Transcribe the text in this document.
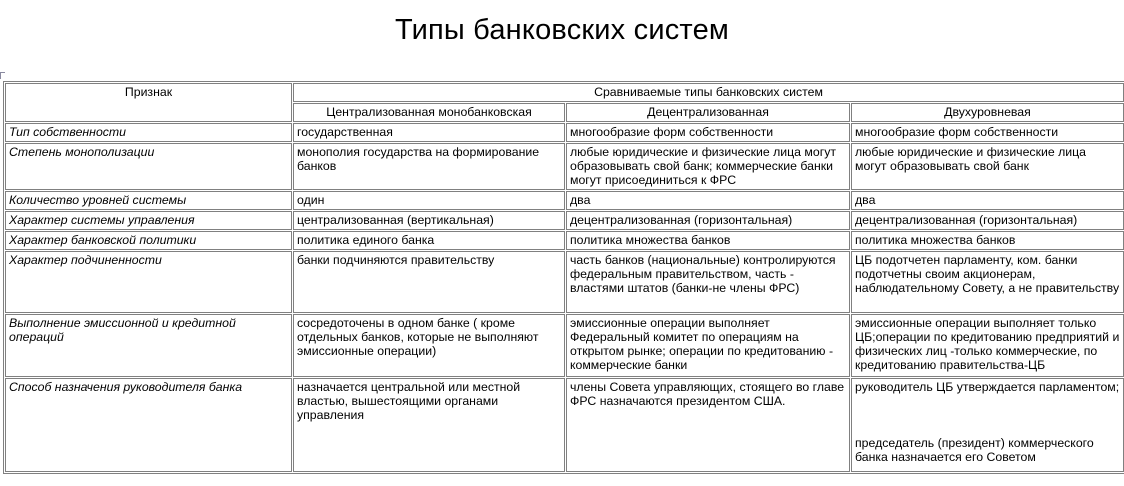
Типы банковских систем
Признак	Сравниваемые типы банковских систем		
	Централизованная монобанковская	Децентрализованная	Двухуровневая
Тип собственности	государственная	многообразие форм собственности	многообразие форм собственности
Степень монополизации	монополия государства на формирование банков	любые юридические и физические лица могут образовывать свой банк; коммерческие банки могут присоединиться к ФРС	любые юридические и физические лица могут образовывать свой банк
Количество уровней системы	один	два	два
Характер системы управления	централизованная (вертикальная)	децентрализованная (горизонтальная)	децентрализованная (горизонтальная)
Характер банковской политики	политика единого банка	политика множества банков	политика множества банков
Характер подчиненности	банки подчиняются правительству	часть банков (национальные) контролируются федеральным правительством, часть - властями штатов (банки-не члены ФРС)	ЦБ подотчетен парламенту, ком. банки подотчетны своим акционерам, наблюдательному Совету, а не правительству
Выполнение эмиссионной и кредитной операций	сосредоточены в одном банке ( кроме отдельных банков, которые не выполняют эмиссионные операции)	эмиссионные операции выполняет Федеральный комитет по операциям на открытом рынке; операции по кредитованию - коммерческие банки	эмиссионные операции выполняет только ЦБ;операции по кредитованию предприятий и физических лиц -только коммерческие, по кредитованию правительства-ЦБ
Способ назначения руководителя банка	назначается центральной или местной властью, вышестоящими органами управления	члены Совета управляющих, стоящего во главе ФРС назначаются президентом США.	руководитель ЦБ утверждается парламентом;
председатель (президент) коммерческого банка назначается его Советом
